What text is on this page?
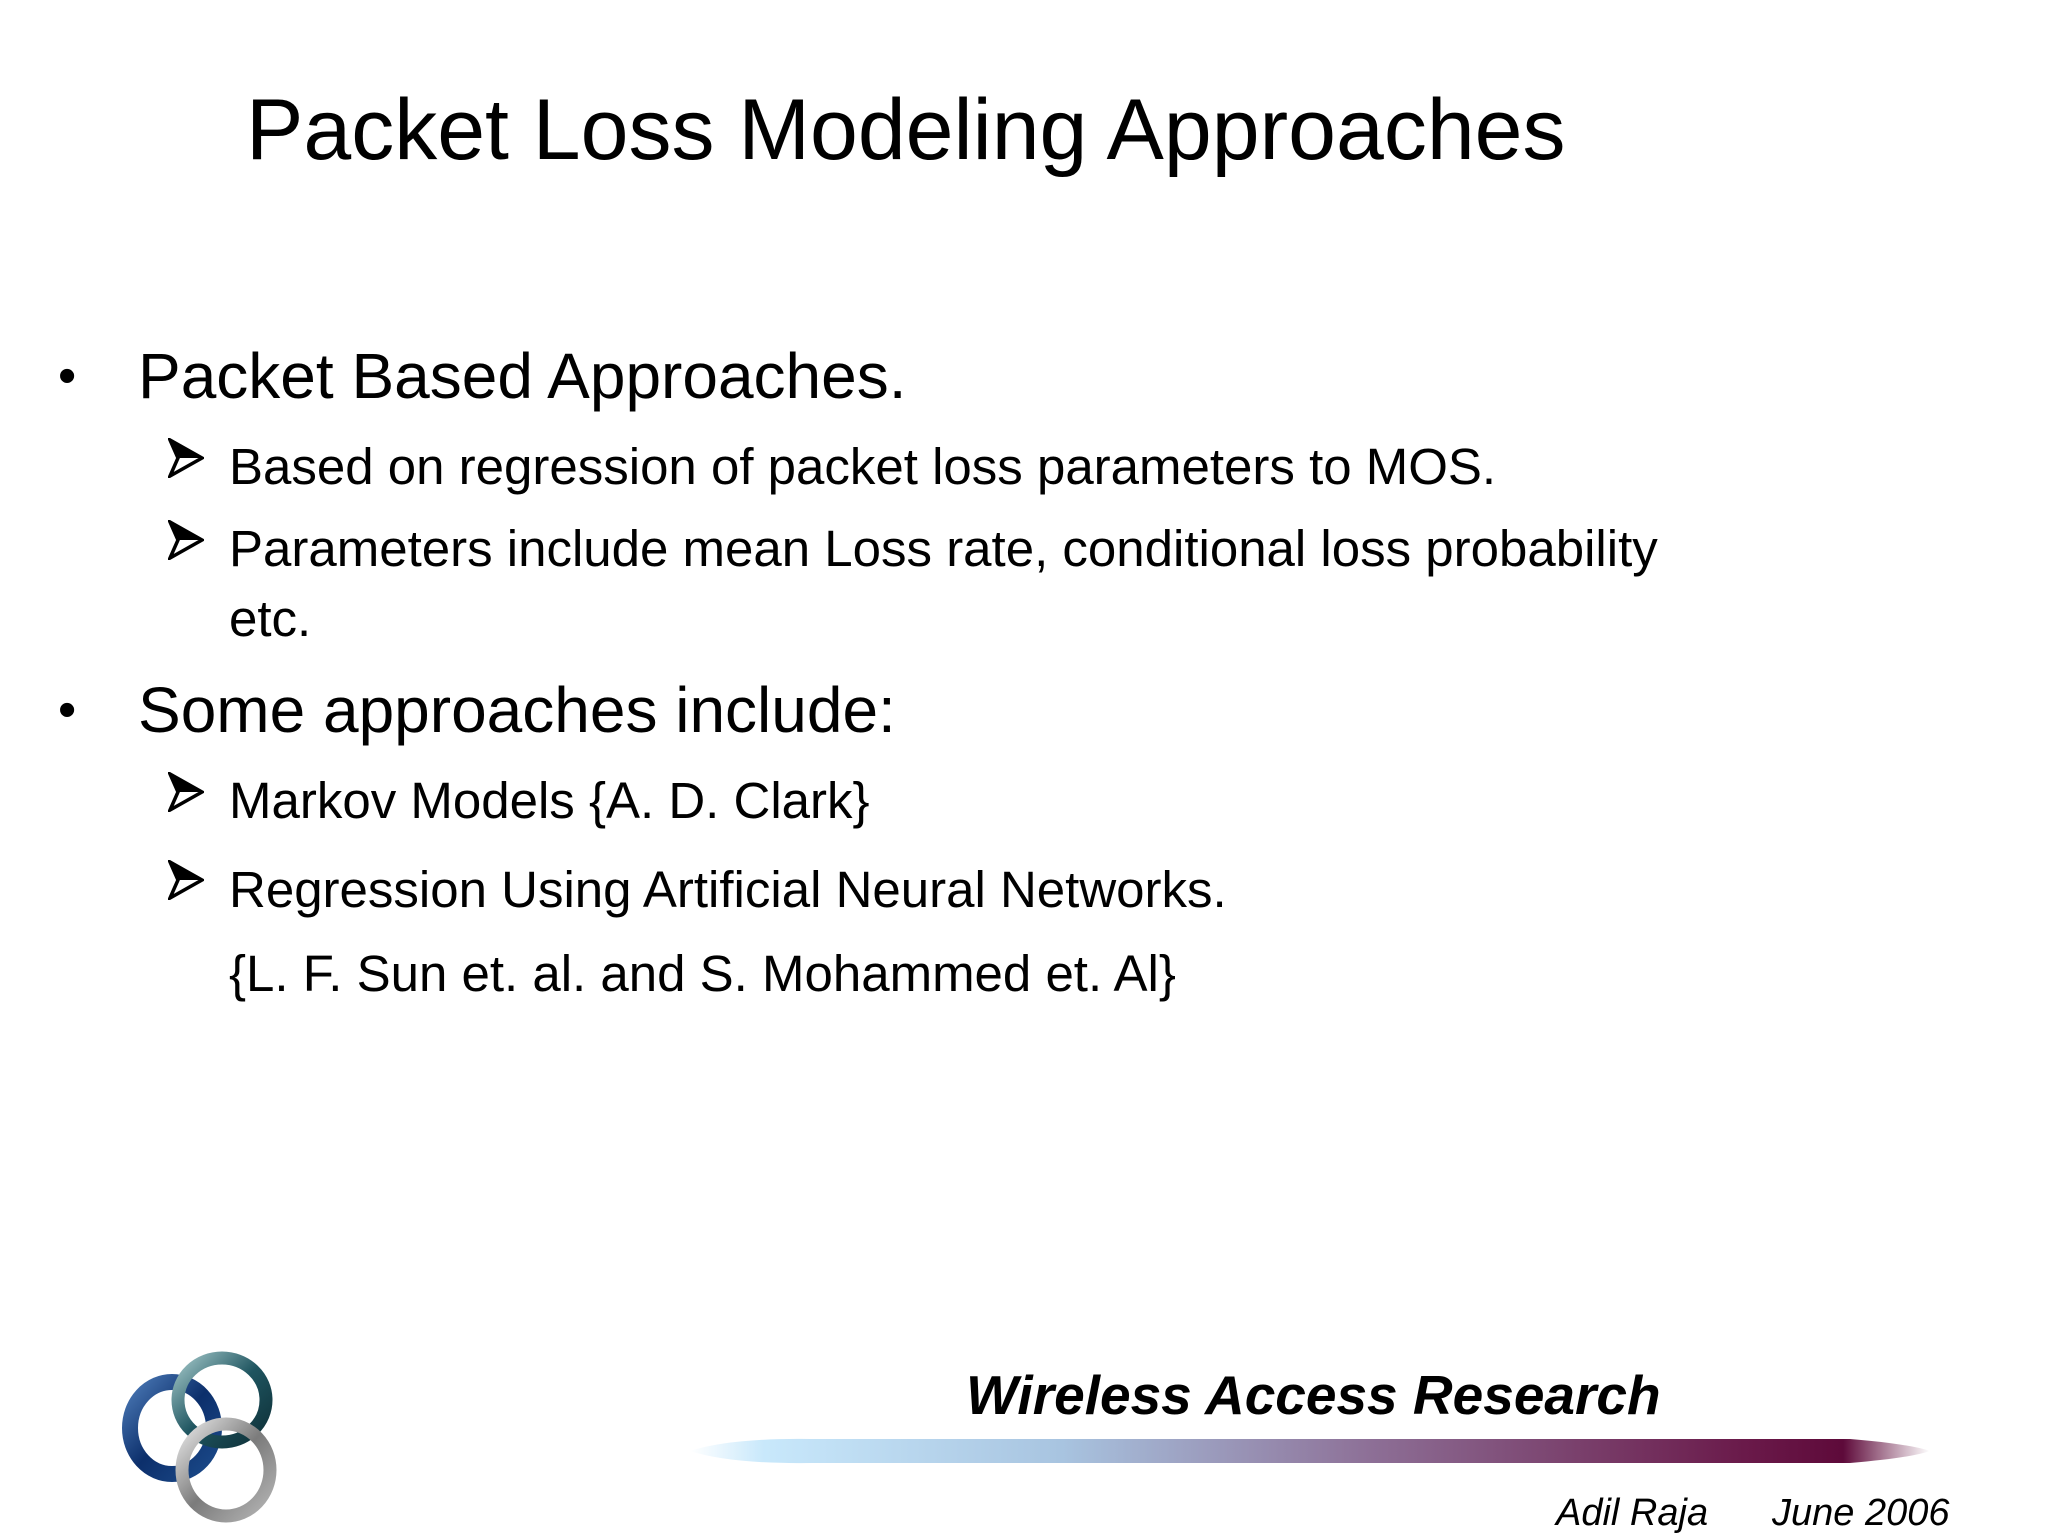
Packet Loss Modeling Approaches
• Packet Based Approaches.
Based on regression of packet loss parameters to MOS.
Parameters include mean Loss rate, conditional loss probability
etc.
• Some approaches include:
Markov Models {A. D. Clark}
Regression Using Artificial Neural Networks.
{L. F. Sun et. al. and S. Mohammed et. Al}
Wireless Access Research
Adil Raja June 2006
